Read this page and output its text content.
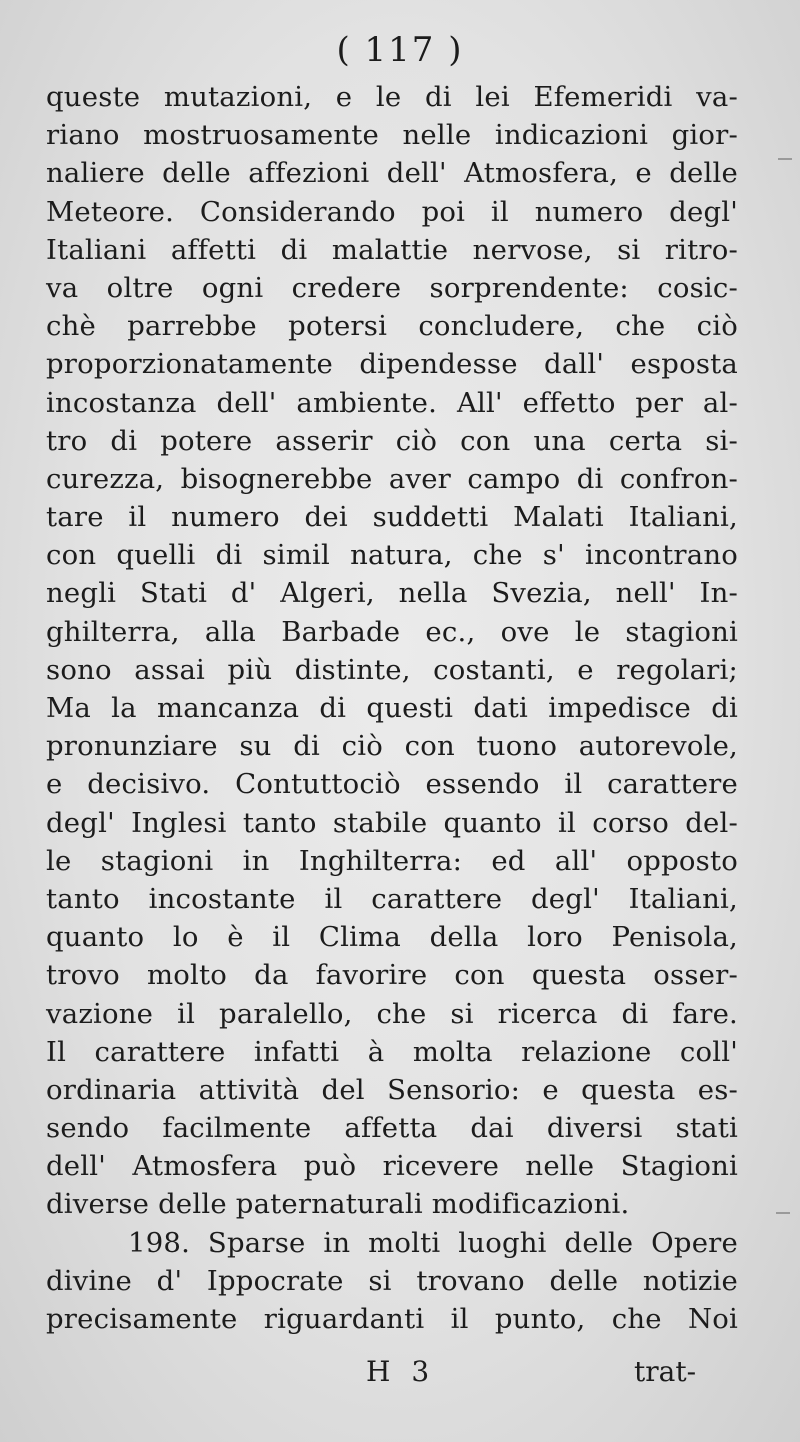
( 117 )
queste mutazioni, e le di lei Efemeridi va-
riano mostruosamente nelle indicazioni gior-
naliere delle affezioni dell' Atmosfera, e delle
Meteore. Considerando poi il numero degl'
Italiani affetti di malattie nervose, si ritro-
va oltre ogni credere sorprendente: cosic-
chè parrebbe potersi concludere, che ciò
proporzionatamente dipendesse dall' esposta
incostanza dell' ambiente. All' effetto per al-
tro di potere asserir ciò con una certa si-
curezza, bisognerebbe aver campo di confron-
tare il numero dei suddetti Malati Italiani,
con quelli di simil natura, che s' incontrano
negli Stati d' Algeri, nella Svezia, nell' In-
ghilterra, alla Barbade ec., ove le stagioni
sono assai più distinte, costanti, e regolari;
Ma la mancanza di questi dati impedisce di
pronunziare su di ciò con tuono autorevole,
e decisivo. Contuttociò essendo il carattere
degl' Inglesi tanto stabile quanto il corso del-
le stagioni in Inghilterra: ed all' opposto
tanto incostante il carattere degl' Italiani,
quanto lo è il Clima della loro Penisola,
trovo molto da favorire con questa osser-
vazione il paralello, che si ricerca di fare.
Il carattere infatti à molta relazione coll'
ordinaria attività del Sensorio: e questa es-
sendo facilmente affetta dai diversi stati
dell' Atmosfera può ricevere nelle Stagioni
diverse delle paternaturali modificazioni.
198. Sparse in molti luoghi delle Opere
divine d' Ippocrate si trovano delle notizie
precisamente riguardanti il punto, che Noi
H 3	trat-
